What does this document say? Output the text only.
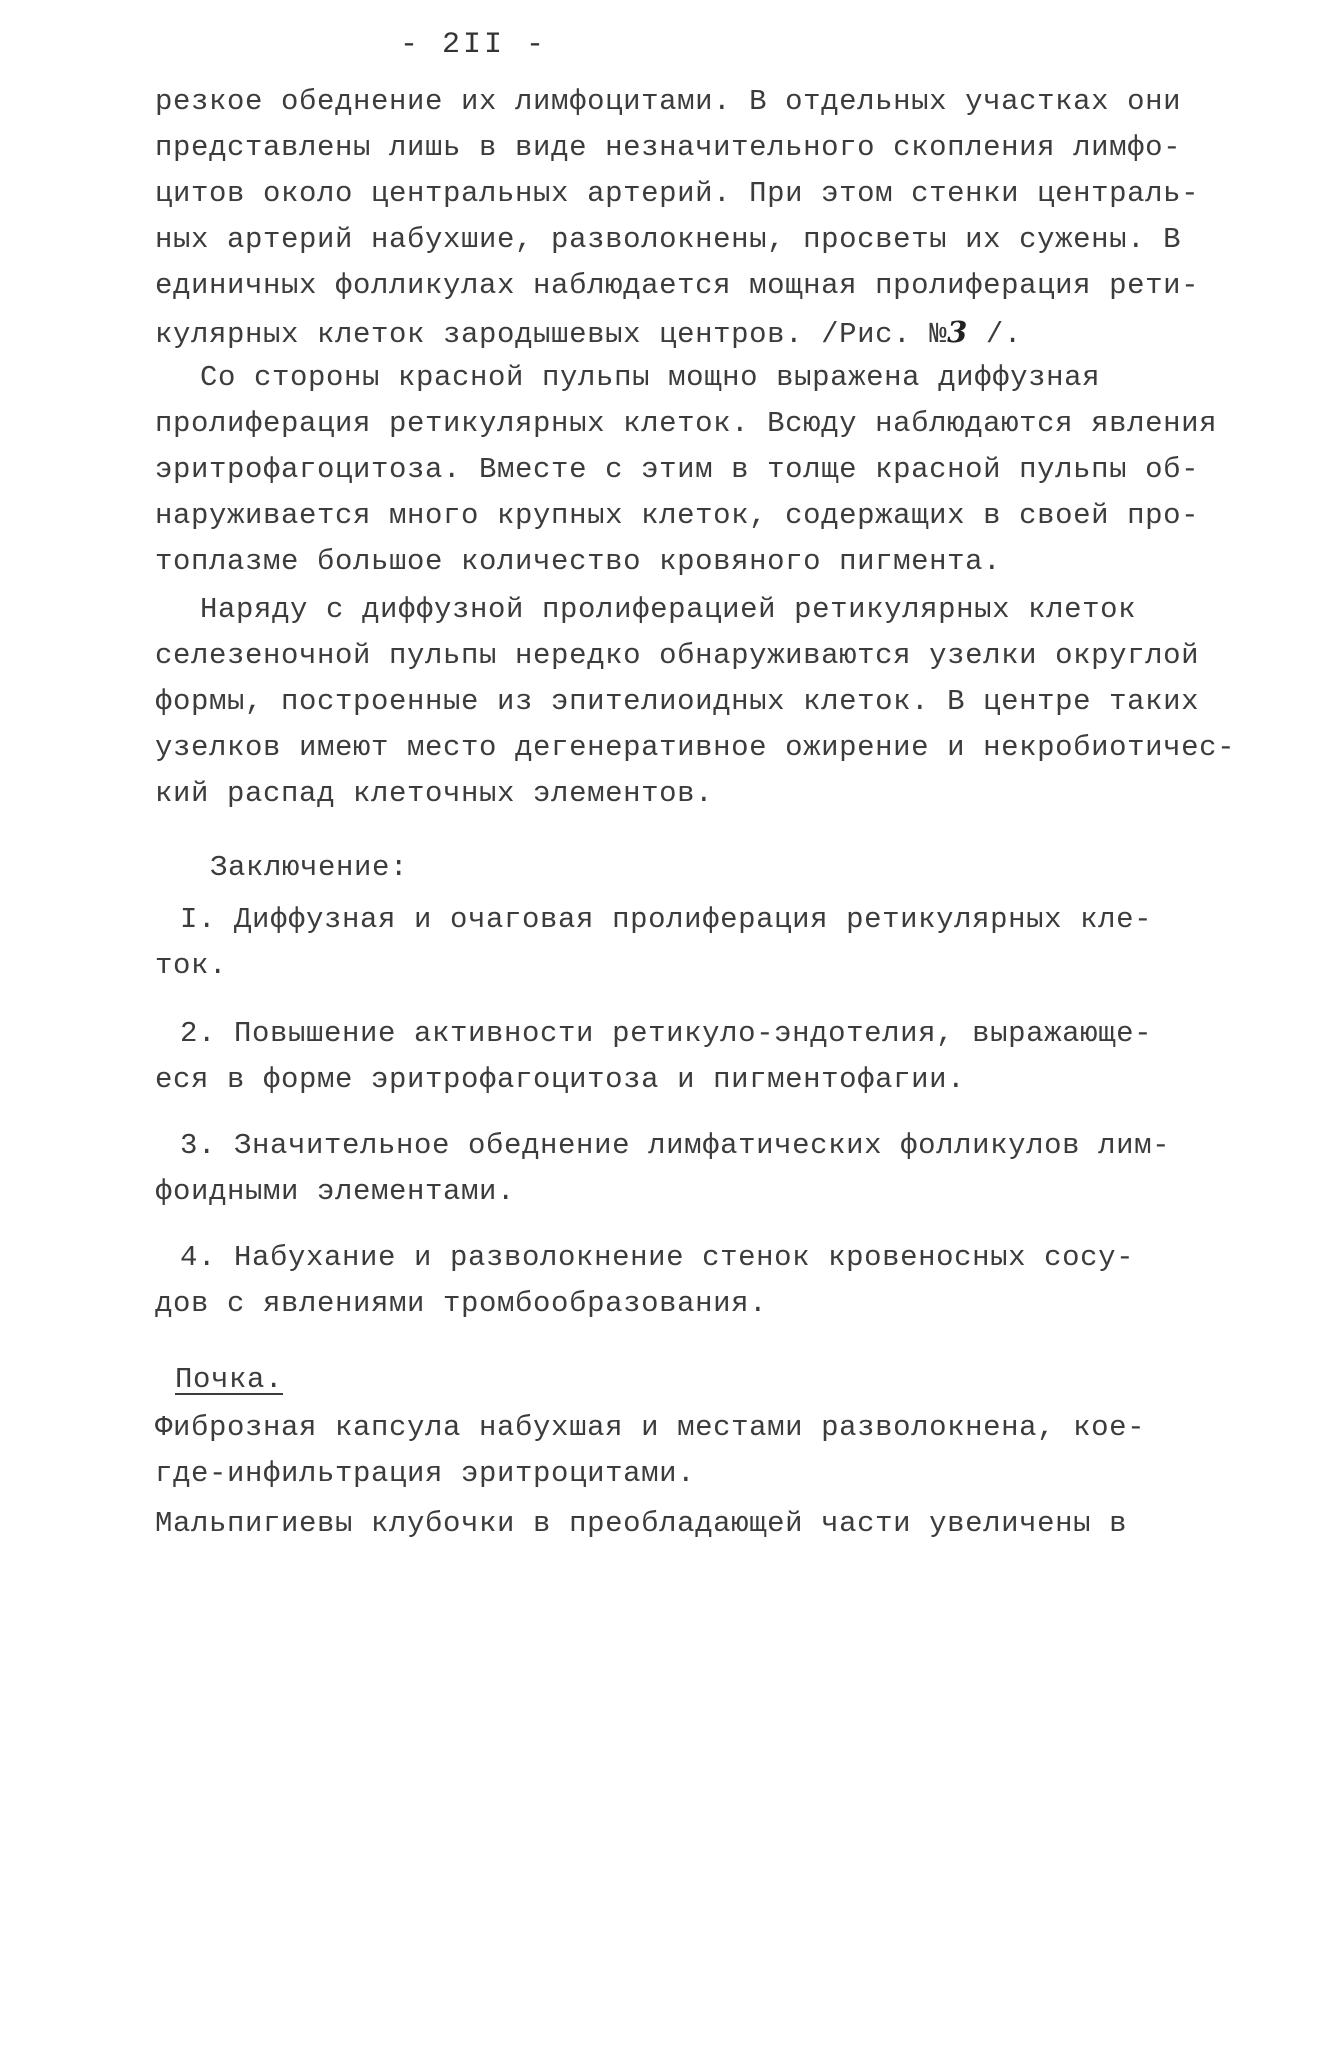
- 2II -
резкое обеднение их лимфоцитами. В отдельных участках они
представлены лишь в виде незначительного скопления лимфо-
цитов около центральных артерий. При этом стенки централь-
ных артерий набухшие, разволокнены, просветы их сужены. В
единичных фолликулах наблюдается мощная пролиферация рети-
кулярных клеток зародышевых центров. /Рис. №3 /.
Со стороны красной пульпы мощно выражена диффузная
пролиферация ретикулярных клеток. Всюду наблюдаются явления
эритрофагоцитоза. Вместе с этим в толще красной пульпы об-
наруживается много крупных клеток, содержащих в своей про-
топлазме большое количество кровяного пигмента.
Наряду с диффузной пролиферацией ретикулярных клеток
селезеночной пульпы нередко обнаруживаются узелки округлой
формы, построенные из эпителиоидных клеток. В центре таких
узелков имеют место дегенеративное ожирение и некробиотичес-
кий распад клеточных элементов.
Заключение:
I. Диффузная и очаговая пролиферация ретикулярных кле-
ток.
2. Повышение активности ретикуло-эндотелия, выражающе-
еся в форме эритрофагоцитоза и пигментофагии.
3. Значительное обеднение лимфатических фолликулов лим-
фоидными элементами.
4. Набухание и разволокнение стенок кровеносных сосу-
дов с явлениями тромбообразования.
Почка.
Фиброзная капсула набухшая и местами разволокнена, кое-
где-инфильтрация эритроцитами.
Мальпигиевы клубочки в преобладающей части увеличены в
